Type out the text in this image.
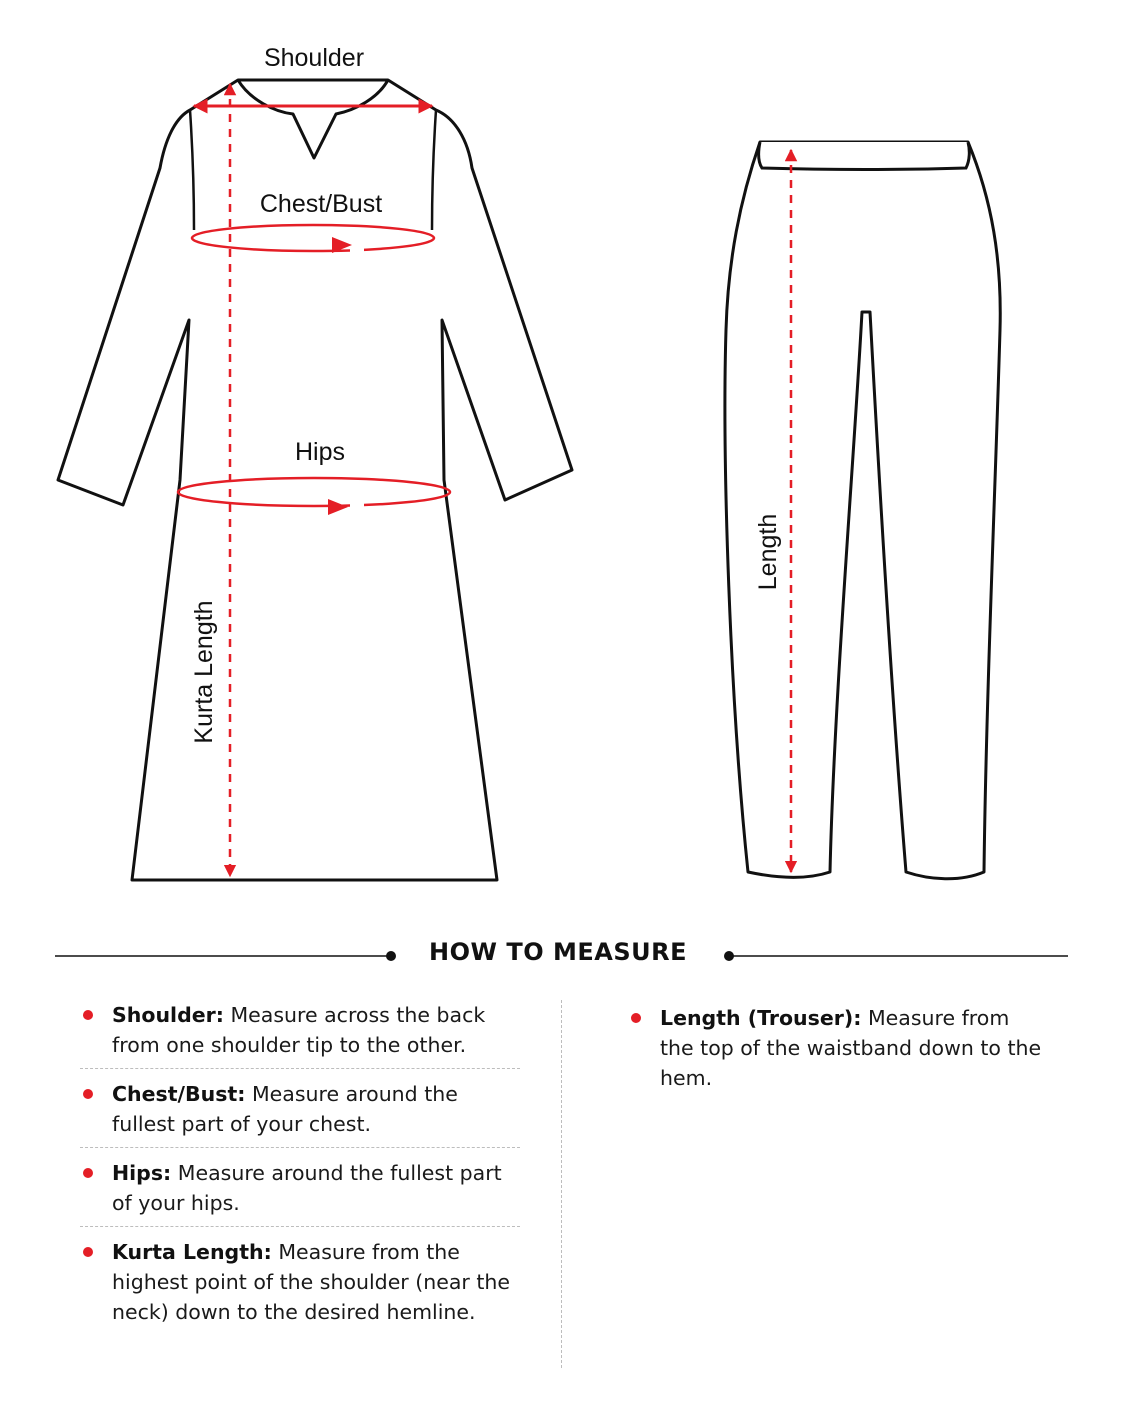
Shoulder
Chest/Bust
Hips
Kurta Length
Length
HOW TO MEASURE
Shoulder: Measure across the back from one shoulder tip to the other.
Chest/Bust: Measure around the fullest part of your chest.
Hips: Measure around the fullest part of your hips.
Kurta Length: Measure from the highest point of the shoulder (near the neck) down to the desired hemline.
Length (Trouser): Measure from the top of the waistband down to the hem.
